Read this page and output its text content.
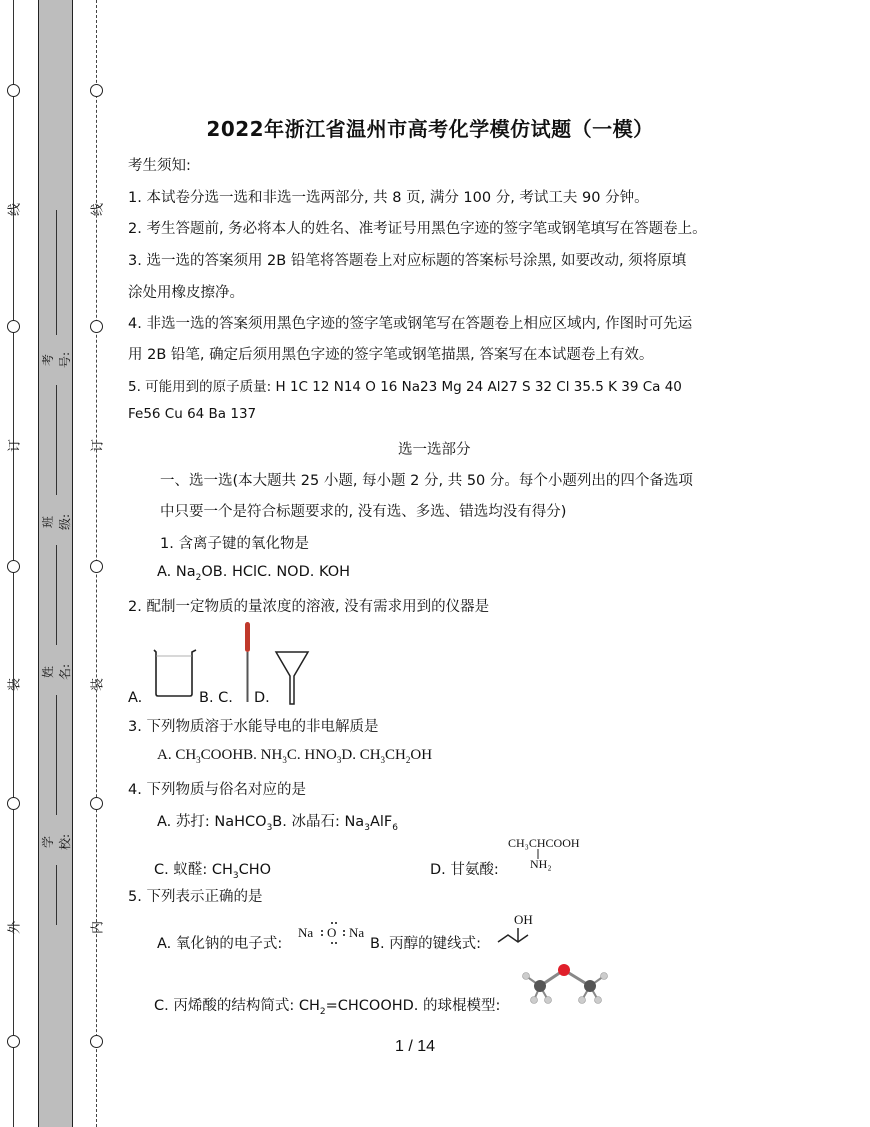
线
订
装
外
线
订
装
内
考号:
班级:
姓名:
学校:
2022年浙江省温州市高考化学模仿试题（一模）
考生须知:
1. 本试卷分选一选和非选一选两部分, 共 8 页, 满分 100 分, 考试工夫 90 分钟。
2. 考生答题前, 务必将本人的姓名、准考证号用黑色字迹的签字笔或钢笔填写在答题卷上。
3. 选一选的答案须用 2B 铅笔将答题卷上对应标题的答案标号涂黑, 如要改动, 须将原填
涂处用橡皮擦净。
4. 非选一选的答案须用黑色字迹的签字笔或钢笔写在答题卷上相应区域内, 作图时可先运
用 2B 铅笔, 确定后须用黑色字迹的签字笔或钢笔描黑, 答案写在本试题卷上有效。
5. 可能用到的原子质量: H 1C 12 N14 O 16 Na23 Mg 24 Al27 S 32 Cl 35.5 K 39 Ca 40
Fe56 Cu 64 Ba 137
选一选部分
一、选一选(本大题共 25 小题, 每小题 2 分, 共 50 分。每个小题列出的四个备选项
中只要一个是符合标题要求的, 没有选、多选、错选均没有得分)
1. 含离子键的氧化物是
A. $Na_2OB$. HClC. NOD. KOH
2. 配制一定物质的量浓度的溶液, 没有需求用到的仪器是
A.	B. C. D.
3. 下列物质溶于水能导电的非电解质是
A. $CH_3COOHB$. $NH_3C$. $HNO_3D$. $CH_3CH_2OH$
4. 下列物质与俗名对应的是
A. 苏打: NaHCO$_3$B. 冰晶石: $Na_3AlF_6$
C. 蚁醛: $CH_3CHO$	D. 甘氨酸:
CH₃CHCOOH
NH₂
5. 下列表示正确的是
A. 氧化钠的电子式:
Na O Na
B. 丙醇的键线式:
OH
C. 丙烯酸的结构简式: $CH_2=CHCOOHD$. 的球棍模型:
1 / 14
